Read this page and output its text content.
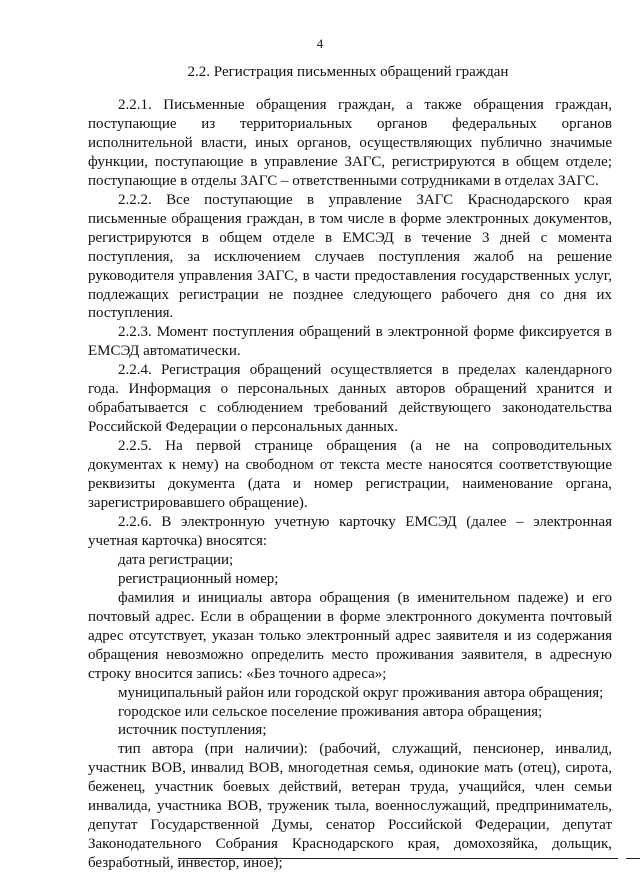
4
2.2. Регистрация письменных обращений граждан

2.2.1. Письменные обращения граждан, а также обращения граждан, поступающие из территориальных органов федеральных органов исполнительной власти, иных органов, осуществляющих публично значимые функции, поступающие в управление ЗАГС, регистрируются в общем отделе; поступающие в отделы ЗАГС – ответственными сотрудниками в отделах ЗАГС.

2.2.2. Все поступающие в управление ЗАГС Краснодарского края письменные обращения граждан, в том числе в форме электронных документов, регистрируются в общем отделе в ЕМСЭД в течение 3 дней с момента поступления, за исключением случаев поступления жалоб на решение руководителя управления ЗАГС, в части предоставления государственных услуг, подлежащих регистрации не позднее следующего рабочего дня со дня их поступления.

2.2.3. Момент поступления обращений в электронной форме фиксируется в ЕМСЭД автоматически.

2.2.4. Регистрация обращений осуществляется в пределах календарного года. Информация о персональных данных авторов обращений хранится и обрабатывается с соблюдением требований действующего законодательства Российской Федерации о персональных данных.

2.2.5. На первой странице обращения (а не на сопроводительных документах к нему) на свободном от текста месте наносятся соответствующие реквизиты документа (дата и номер регистрации, наименование органа, зарегистрировавшего обращение).

2.2.6. В электронную учетную карточку ЕМСЭД (далее – электронная учетная карточка) вносятся:

дата регистрации;

регистрационный номер;

фамилия и инициалы автора обращения (в именительном падеже) и его почтовый адрес. Если в обращении в форме электронного документа почтовый адрес отсутствует, указан только электронный адрес заявителя и из содержания обращения невозможно определить место проживания заявителя, в адресную строку вносится запись: «Без точного адреса»;

муниципальный район или городской округ проживания автора обращения;

городское или сельское поселение проживания автора обращения;

источник поступления;

тип автора (при наличии): (рабочий, служащий, пенсионер, инвалид, участник ВОВ, инвалид ВОВ, многодетная семья, одинокие мать (отец), сирота, беженец, участник боевых действий, ветеран труда, учащийся, член семьи инвалида, участника ВОВ, труженик тыла, военнослужащий, предприниматель, депутат Государственной Думы, сенатор Российской Федерации, депутат Законодательного Собрания Краснодарского края, домохозяйка, дольщик, безработный, инвестор, иное);
